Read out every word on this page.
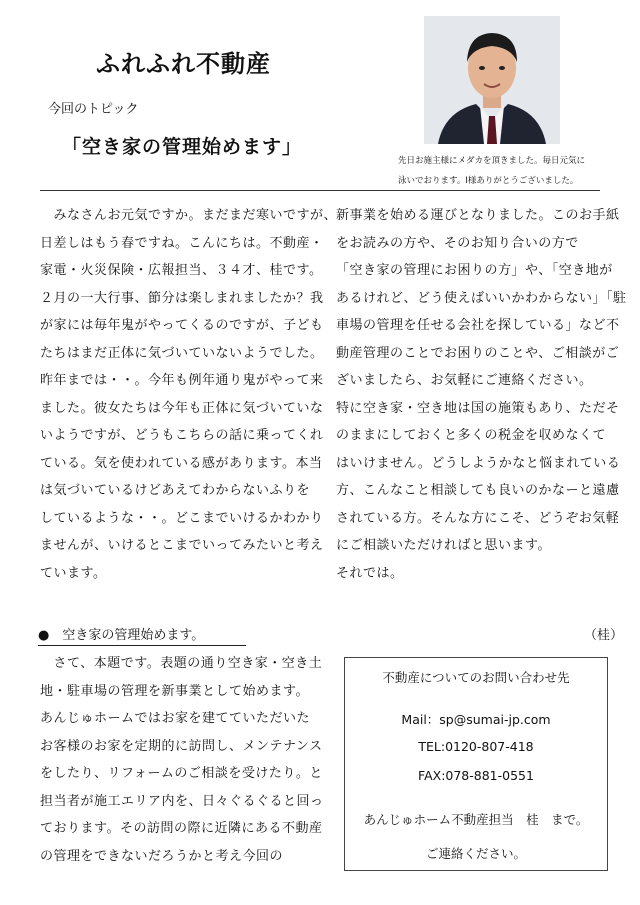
ふれふれ不動産
今回のトピック
「空き家の管理始めます」
先日お施主様にメダカを頂きました。毎日元気に
泳いでおります。I様ありがとうございました。
　みなさんお元気ですか。まだまだ寒いですが、
日差しはもう春ですね。こんにちは。不動産・
家電・火災保険・広報担当、３４才、桂です。
２月の一大行事、節分は楽しまれましたか？我
が家には毎年鬼がやってくるのですが、子ども
たちはまだ正体に気づいていないようでした。
昨年までは・・。今年も例年通り鬼がやって来
ました。彼女たちは今年も正体に気づいていな
いようですが、どうもこちらの話に乗ってくれ
ている。気を使われている感があります。本当
は気づいているけどあえてわからないふりを
しているような・・。どこまでいけるかわかり
ませんが、いけるとこまでいってみたいと考え
ています。
●　空き家の管理始めます。
　さて、本題です。表題の通り空き家・空き土
地・駐車場の管理を新事業として始めます。
あんじゅホームではお家を建てていただいた
お客様のお家を定期的に訪問し、メンテナンス
をしたり、リフォームのご相談を受けたり。と
担当者が施工エリア内を、日々ぐるぐると回っ
ております。その訪問の際に近隣にある不動産
の管理をできないだろうかと考え今回の
新事業を始める運びとなりました。このお手紙
をお読みの方や、そのお知り合いの方で
「空き家の管理にお困りの方」や、「空き地が
あるけれど、どう使えばいいかわからない」「駐
車場の管理を任せる会社を探している」など不
動産管理のことでお困りのことや、ご相談がご
ざいましたら、お気軽にご連絡ください。
特に空き家・空き地は国の施策もあり、ただそ
のままにしておくと多くの税金を収めなくて
はいけません。どうしようかなと悩まれている
方、こんなこと相談しても良いのかなーと遠慮
されている方。そんな方にこそ、どうぞお気軽
にご相談いただければと思います。
それでは。
（桂）
不動産についてのお問い合わせ先
Mail：sp@sumai-jp.com
TEL:0120-807-418
FAX:078-881-0551
あんじゅホーム不動産担当　桂　まで。
ご連絡ください。
